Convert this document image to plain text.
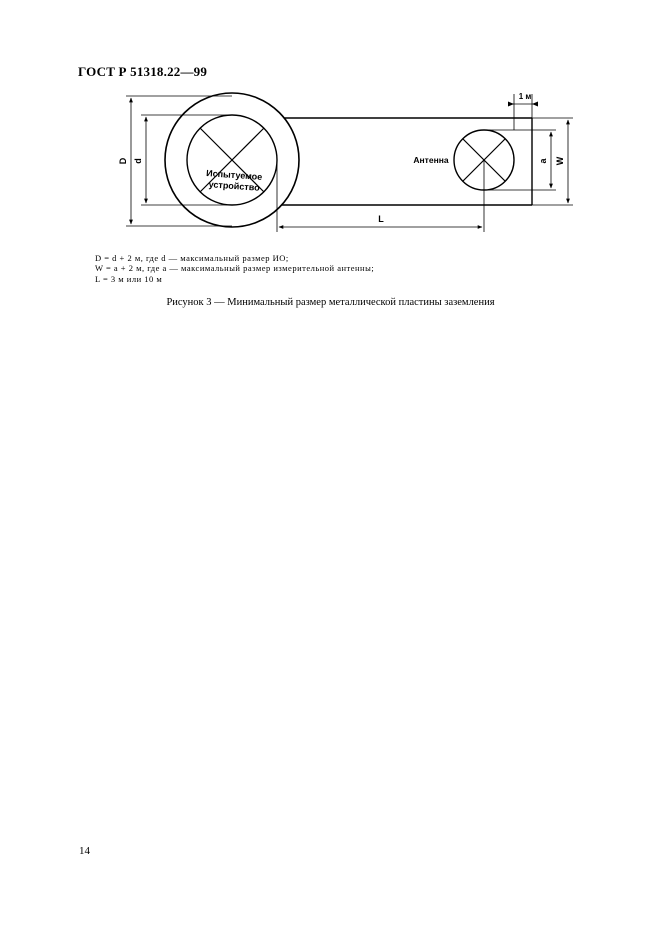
ГОСТ Р 51318.22—99
D d	a W
1 м
L
Испытуемое
устройство
Антенна
D = d + 2 м, где d — максимальный размер ИО;
W = a + 2 м, где a — максимальный размер измерительной антенны;
L = 3 м или 10 м
Рисунок 3 — Минимальный размер металлической пластины заземления
14
